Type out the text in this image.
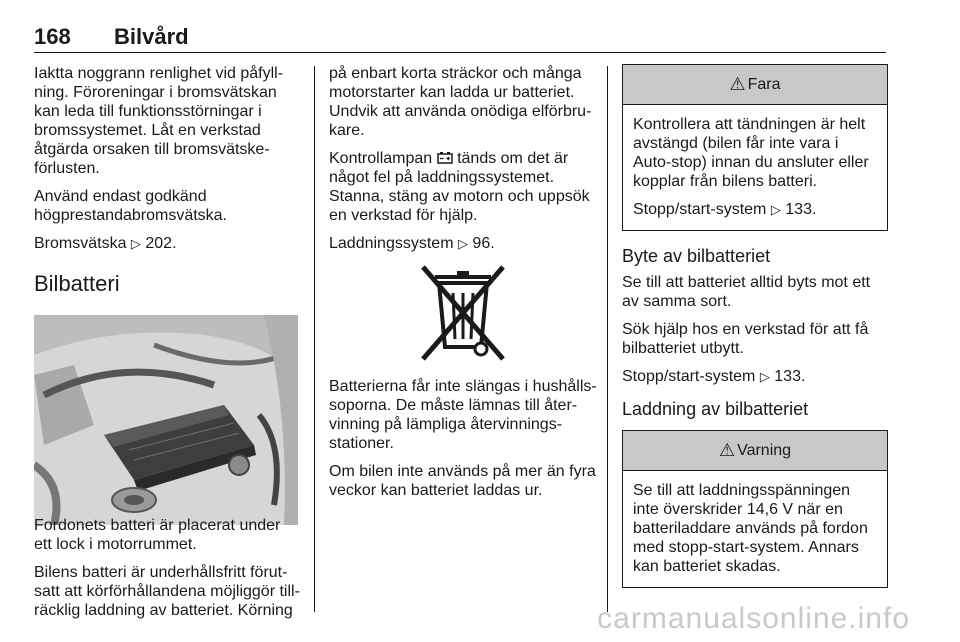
168 Bilvård

Iaktta noggrann renlighet vid påfyll-ning. Föroreningar i bromsvätskan kan leda till funktionsstörningar i bromssystemet. Låt en verkstad åtgärda orsaken till bromsvätske-förlusten.

Använd endast godkänd högprestandabromsvätska.

Bromsvätska ▷ 202.

Bilbatteri

Fordonets batteri är placerat under ett lock i motorrummet.

Bilens batteri är underhållsfritt förut-satt att körförhållandena möjliggör till-räcklig laddning av batteriet. Körning

på enbart korta sträckor och många motorstarter kan ladda ur batteriet. Undvik att använda onödiga elförbru-kare.

Kontrollampan  tänds om det är något fel på laddningssystemet. Stanna, stäng av motorn och uppsök en verkstad för hjälp.

Laddningssystem ▷ 96.

Batterierna får inte slängas i hushålls-soporna. De måste lämnas till åter-vinning på lämpliga återvinnings-stationer.

Om bilen inte används på mer än fyra veckor kan batteriet laddas ur.

⚠ Fara

Kontrollera att tändningen är helt avstängd (bilen får inte vara i Auto-stop) innan du ansluter eller kopplar från bilens batteri.

Stopp/start-system ▷ 133.

Byte av bilbatteriet

Se till att batteriet alltid byts mot ett av samma sort.

Sök hjälp hos en verkstad för att få bilbatteriet utbytt.

Stopp/start-system ▷ 133.

Laddning av bilbatteriet
⚠ Varning

Se till att laddningsspänningen inte överskrider 14,6 V när en batteriladdare används på fordon med stopp-start-system. Annars kan batteriet skadas.

carmanualsonline.info
